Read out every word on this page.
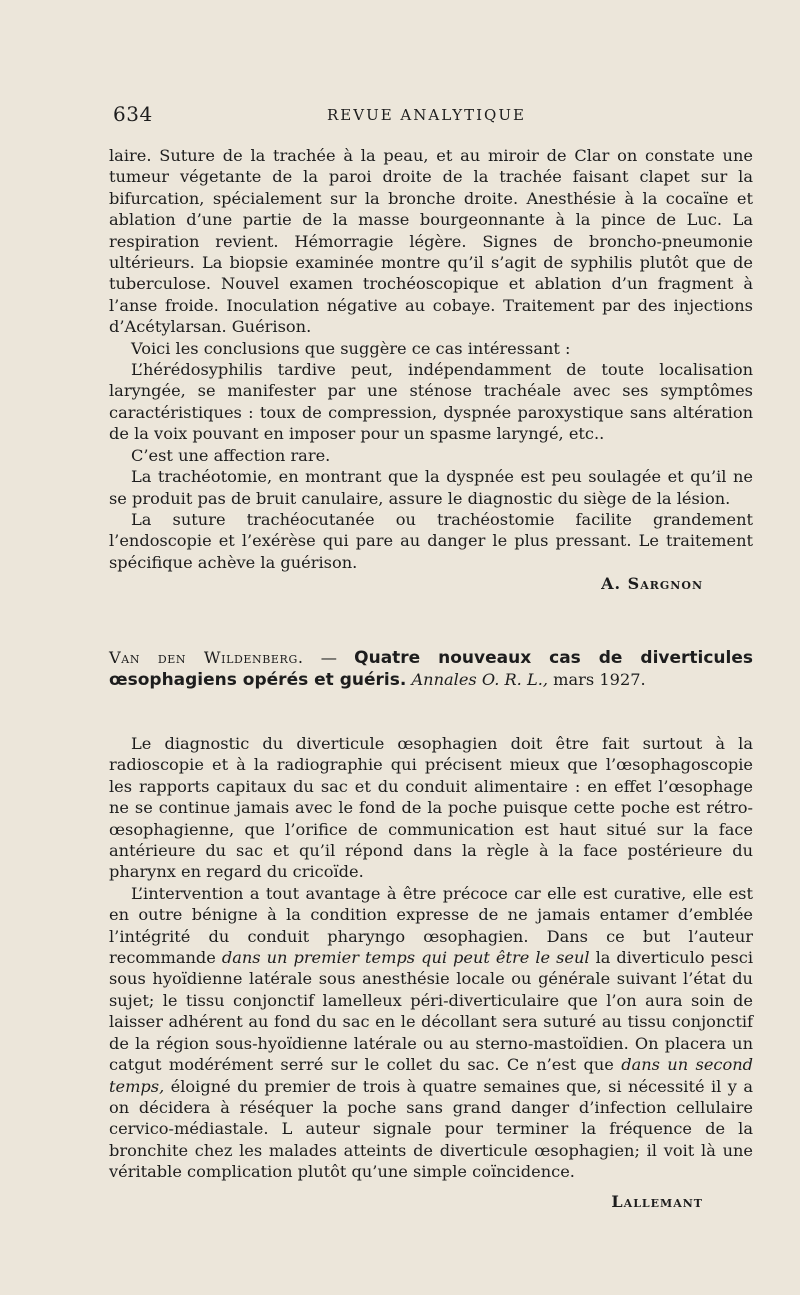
634	REVUE ANALYTIQUE

laire. Suture de la trachée à la peau, et au miroir de Clar on constate une tumeur végetante de la paroi droite de la trachée faisant clapet sur la bifurcation, spécialement sur la bronche droite. Anesthésie à la cocaïne et ablation d’une partie de la masse bourgeonnante à la pince de Luc. La respiration revient. Hémorragie légère. Signes de broncho-pneumonie ultérieurs. La biopsie examinée montre qu’il s’agit de syphilis plutôt que de tuberculose. Nouvel examen trochéoscopique et ablation d’un fragment à l’anse froide. Inoculation négative au cobaye. Traitement par des injections d’Acétylarsan. Guérison.

Voici les conclusions que suggère ce cas intéressant :

L’hérédosyphilis tardive peut, indépendamment de toute localisation laryngée, se manifester par une sténose trachéale avec ses symptômes caractéristiques : toux de compression, dyspnée paroxystique sans altération de la voix pouvant en imposer pour un spasme laryngé, etc..

C’est une affection rare.

La trachéotomie, en montrant que la dyspnée est peu soulagée et qu’il ne se produit pas de bruit canulaire, assure le diagnostic du siège de la lésion.

La suture trachéocutanée ou trachéostomie facilite grandement l’endoscopie et l’exérèse qui pare au danger le plus pressant. Le traitement spécifique achève la guérison.

A. Sargnon

Van den Wildenberg. — Quatre nouveaux cas de diverticules œsophagiens opérés et guéris. Annales O. R. L., mars 1927.

Le diagnostic du diverticule œsophagien doit être fait surtout à la radioscopie et à la radiographie qui précisent mieux que l’œsophagoscopie les rapports capitaux du sac et du conduit alimentaire : en effet l’œsophage ne se continue jamais avec le fond de la poche puisque cette poche est rétro-œsophagienne, que l’orifice de communication est haut situé sur la face antérieure du sac et qu’il répond dans la règle à la face postérieure du pharynx en regard du cricoïde.

L’intervention a tout avantage à être précoce car elle est curative, elle est en outre bénigne à la condition expresse de ne jamais entamer d’emblée l’intégrité du conduit pharyngo œsophagien. Dans ce but l’auteur recommande dans un premier temps qui peut être le seul la diverticulo pesci sous hyoïdienne latérale sous anesthésie locale ou générale suivant l’état du sujet; le tissu conjonctif lamelleux péri-diverticulaire que l’on aura soin de laisser adhérent au fond du sac en le décollant sera suturé au tissu conjonctif de la région sous-hyoïdienne latérale ou au sterno-mastoïdien. On placera un catgut modérément serré sur le collet du sac. Ce n’est que dans un second temps, éloigné du premier de trois à quatre semaines que, si nécessité il y a on décidera à réséquer la poche sans grand danger d’infection cellulaire cervico-médiastale. L auteur signale pour terminer la fréquence de la bronchite chez les malades atteints de diverticule œsophagien; il voit là une véritable complication plutôt qu’une simple coïncidence.

Lallemant
